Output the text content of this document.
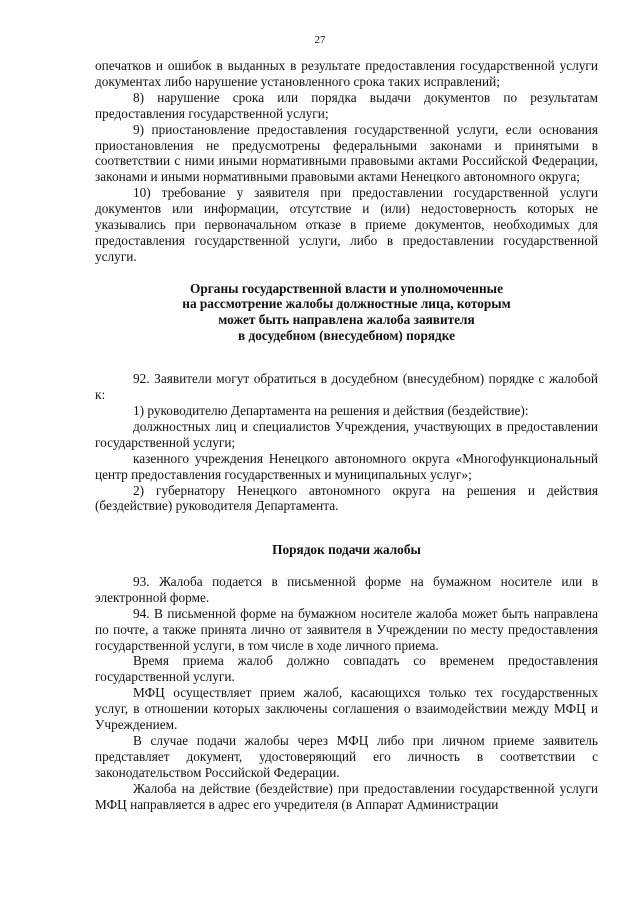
27

опечатков и ошибок в выданных в результате предоставления государственной услуги документах либо нарушение установленного срока таких исправлений;

8) нарушение срока или порядка выдачи документов по результатам предоставления государственной услуги;

9) приостановление предоставления государственной услуги, если основания приостановления не предусмотрены федеральными законами и принятыми в соответствии с ними иными нормативными правовыми актами Российской Федерации, законами и иными нормативными правовыми актами Ненецкого автономного округа;

10) требование у заявителя при предоставлении государственной услуги документов или информации, отсутствие и (или) недостоверность которых не указывались при первоначальном отказе в приеме документов, необходимых для предоставления государственной услуги, либо в предоставлении государственной услуги.

Органы государственной власти и уполномоченные
на рассмотрение жалобы должностные лица, которым
может быть направлена жалоба заявителя
в досудебном (внесудебном) порядке

92. Заявители могут обратиться в досудебном (внесудебном) порядке с жалобой к:

1) руководителю Департамента на решения и действия (бездействие):

должностных лиц и специалистов Учреждения, участвующих в предоставлении государственной услуги;

казенного учреждения Ненецкого автономного округа «Многофункциональный центр предоставления государственных и муниципальных услуг»;

2) губернатору Ненецкого автономного округа на решения и действия (бездействие) руководителя Департамента.

Порядок подачи жалобы

93. Жалоба подается в письменной форме на бумажном носителе или в электронной форме.

94. В письменной форме на бумажном носителе жалоба может быть направлена по почте, а также принята лично от заявителя в Учреждении по месту предоставления государственной услуги, в том числе в ходе личного приема.

Время приема жалоб должно совпадать со временем предоставления государственной услуги.

МФЦ осуществляет прием жалоб, касающихся только тех государственных услуг, в отношении которых заключены соглашения о взаимодействии между МФЦ и Учреждением.

В случае подачи жалобы через МФЦ либо при личном приеме заявитель представляет документ, удостоверяющий его личность в соответствии с законодательством Российской Федерации.

Жалоба на действие (бездействие) при предоставлении государственной услуги МФЦ направляется в адрес его учредителя (в Аппарат Администрации
